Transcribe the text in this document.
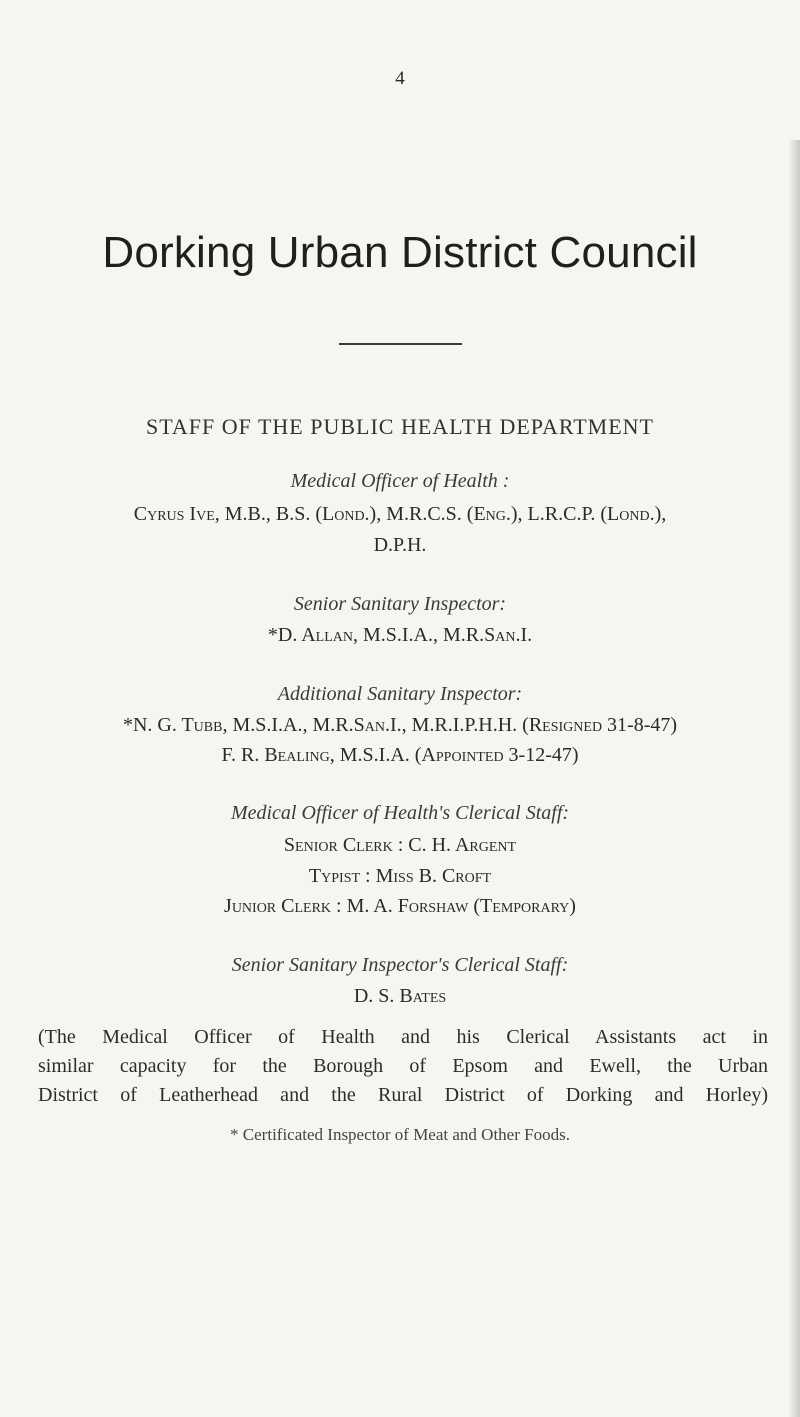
4
Dorking Urban District Council
STAFF OF THE PUBLIC HEALTH DEPARTMENT
Medical Officer of Health :
Cyrus Ive, M.B., B.S. (Lond.), M.R.C.S. (Eng.), L.R.C.P. (Lond.),
D.P.H.
Senior Sanitary Inspector:
*D. Allan, M.S.I.A., M.R.San.I.
Additional Sanitary Inspector:
*N. G. Tubb, M.S.I.A., M.R.San.I., M.R.I.P.H.H. (Resigned 31-8-47)
F. R. Bealing, M.S.I.A. (Appointed 3-12-47)
Medical Officer of Health's Clerical Staff:
Senior Clerk : C. H. Argent
Typist : Miss B. Croft
Junior Clerk : M. A. Forshaw (Temporary)
Senior Sanitary Inspector's Clerical Staff:
D. S. Bates
(The Medical Officer of Health and his Clerical Assistants act in
similar capacity for the Borough of Epsom and Ewell, the Urban
District of Leatherhead and the Rural District of Dorking and Horley)
* Certificated Inspector of Meat and Other Foods.
